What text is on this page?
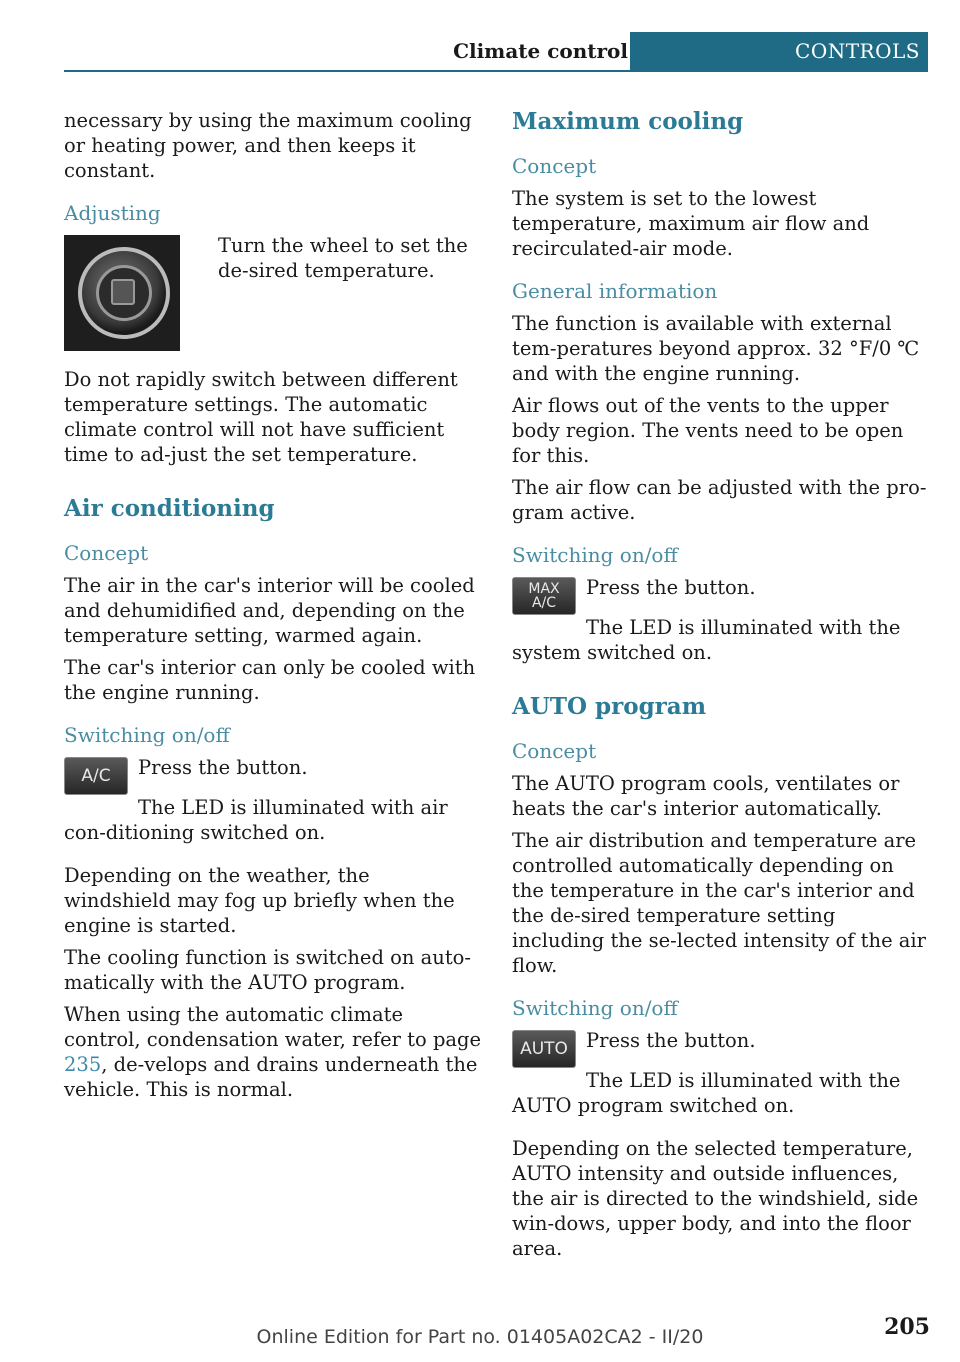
Climate control	CONTROLS

necessary by using the maximum cooling or heating power, and then keeps it constant.

Adjusting

Turn the wheel to set the de‐sired temperature.

Do not rapidly switch between different temperature settings. The automatic climate control will not have sufficient time to ad‐just the set temperature.

Air conditioning
Concept

The air in the car's interior will be cooled and dehumidified and, depending on the temperature setting, warmed again.

The car's interior can only be cooled with the engine running.

Switching on/off
A/C	Press the button.

The LED is illuminated with air con‐ditioning switched on.

Depending on the weather, the windshield may fog up briefly when the engine is started.

The cooling function is switched on auto‐matically with the AUTO program.

When using the automatic climate control, condensation water, refer to page 235, de‐velops and drains underneath the vehicle. This is normal.

Maximum cooling
Concept

The system is set to the lowest temperature, maximum air flow and recirculated-air mode.

General information

The function is available with external tem‐peratures beyond approx. 32 °F/0 ℃ and with the engine running.

Air flows out of the vents to the upper body region. The vents need to be open for this.

The air flow can be adjusted with the pro‐gram active.

Switching on/off
MAX
A/C

Press the button.

The LED is illuminated with the system switched on.

AUTO program
Concept

The AUTO program cools, ventilates or heats the car's interior automatically.

The air distribution and temperature are controlled automatically depending on the temperature in the car's interior and the de‐sired temperature setting including the se‐lected intensity of the air flow.

Switching on/off
AUTO Press the button.

The LED is illuminated with the AUTO program switched on.

Depending on the selected temperature, AUTO intensity and outside influences, the air is directed to the windshield, side win‐dows, upper body, and into the floor area.

Online Edition for Part no. 01405A02CA2 - II/20	205
